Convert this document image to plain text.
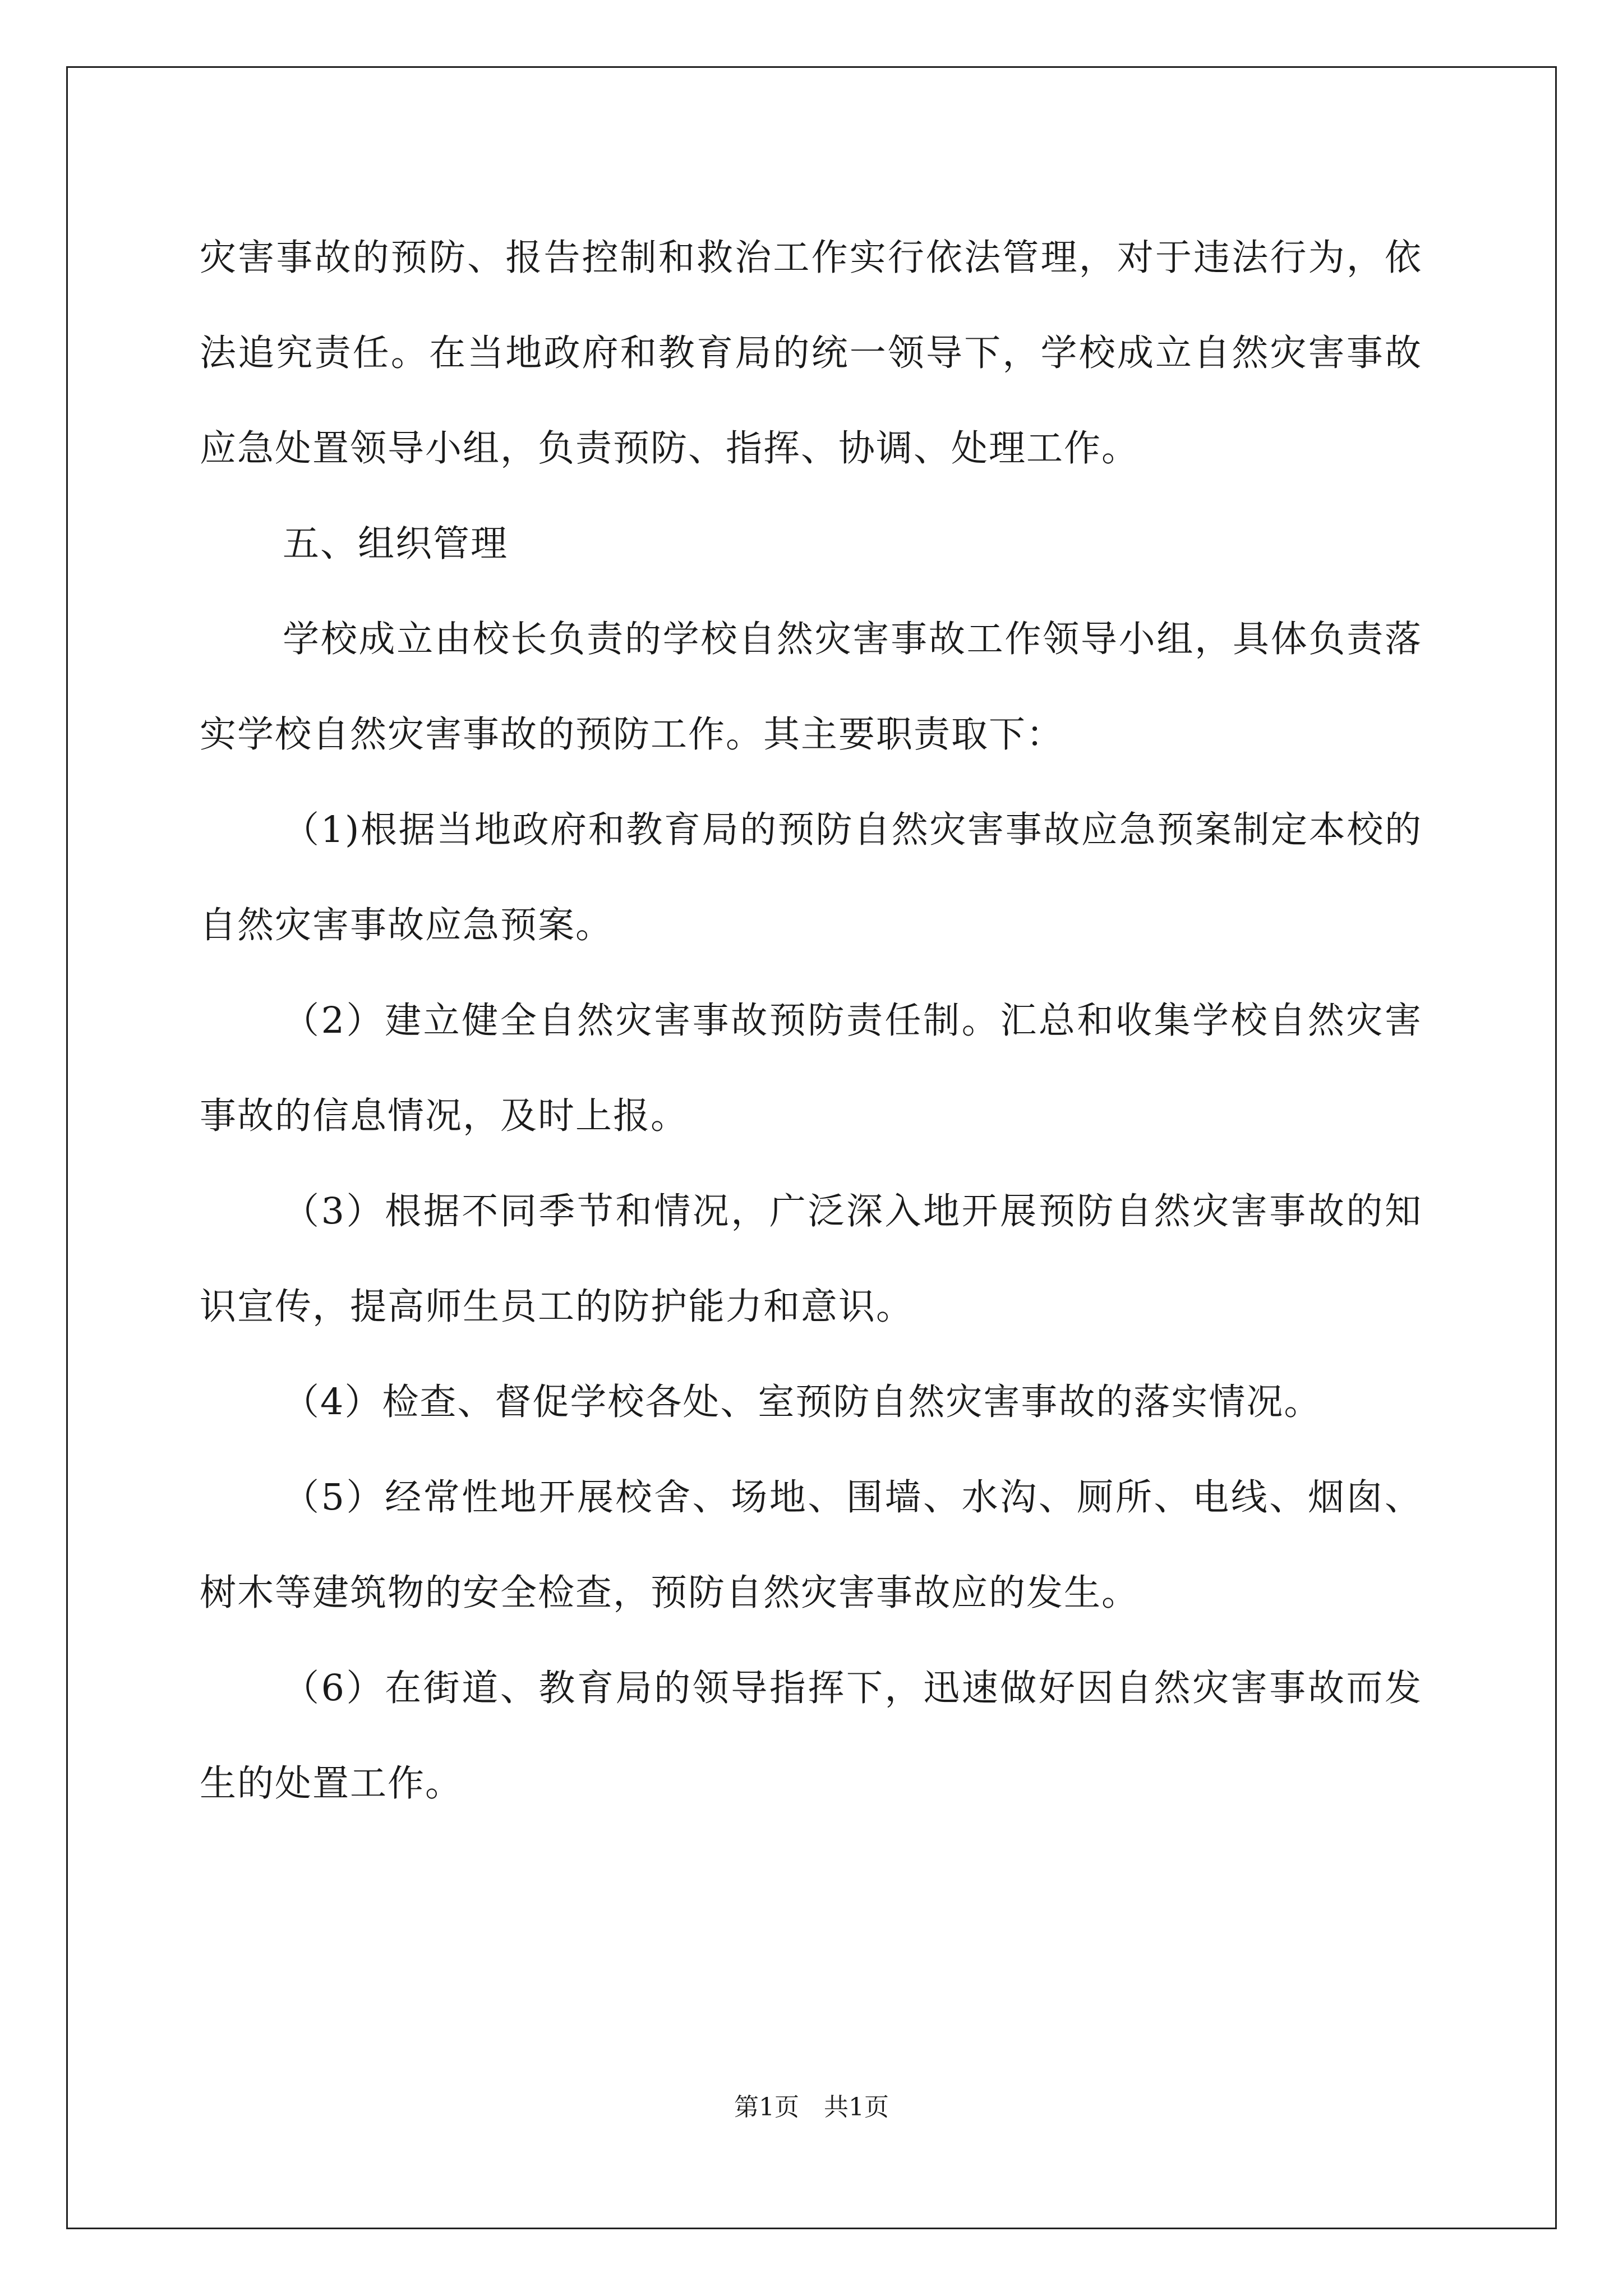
灾害事故的预防、报告控制和救治工作实行依法管理，对于违法行为，依法追究责任。在当地政府和教育局的统一领导下，学校成立自然灾害事故应急处置领导小组，负责预防、指挥、协调、处理工作。

五、组织管理

学校成立由校长负责的学校自然灾害事故工作领导小组，具体负责落实学校自然灾害事故的预防工作。其主要职责取下：

（1)根据当地政府和教育局的预防自然灾害事故应急预案制定本校的自然灾害事故应急预案。

（2）建立健全自然灾害事故预防责任制。汇总和收集学校自然灾害事故的信息情况，及时上报。

（3）根据不同季节和情况，广泛深入地开展预防自然灾害事故的知识宣传，提高师生员工的防护能力和意识。

（4）检查、督促学校各处、室预防自然灾害事故的落实情况。

（5）经常性地开展校舍、场地、围墙、水沟、厕所、电线、烟囱、树木等建筑物的安全检查，预防自然灾害事故应的发生。

（6）在街道、教育局的领导指挥下，迅速做好因自然灾害事故而发生的处置工作。

第1页　共1页
